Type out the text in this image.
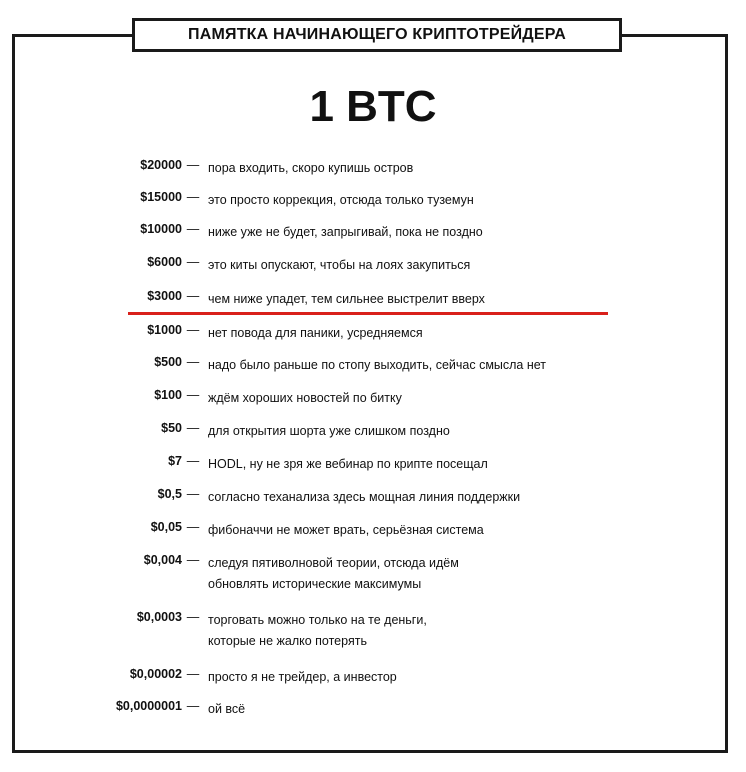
ПАМЯТКА НАЧИНАЮЩЕГО КРИПТОТРЕЙДЕРА
1 BTC
$20000 — пора входить, скоро купишь остров
$15000 — это просто коррекция, отсюда только туземун
$10000 — ниже уже не будет, запрыгивай, пока не поздно
$6000 — это киты опускают, чтобы на лоях закупиться
$3000 — чем ниже упадет, тем сильнее выстрелит вверх
$1000 — нет повода для паники, усредняемся
$500 — надо было раньше по стопу выходить, сейчас смысла нет
$100 — ждём хороших новостей по битку
$50 — для открытия шорта уже слишком поздно
$7 — HODL, ну не зря же вебинар по крипте посещал
$0,5 — согласно теханализа здесь мощная линия поддержки
$0,05 — фибоначчи не может врать, серьёзная система
$0,004 — следуя пятиволновой теории, отсюда идём
обновлять исторические максимумы
$0,0003 — торговать можно только на те деньги,
которые не жалко потерять
$0,00002 — просто я не трейдер, а инвестор
$0,0000001 — ой всё
